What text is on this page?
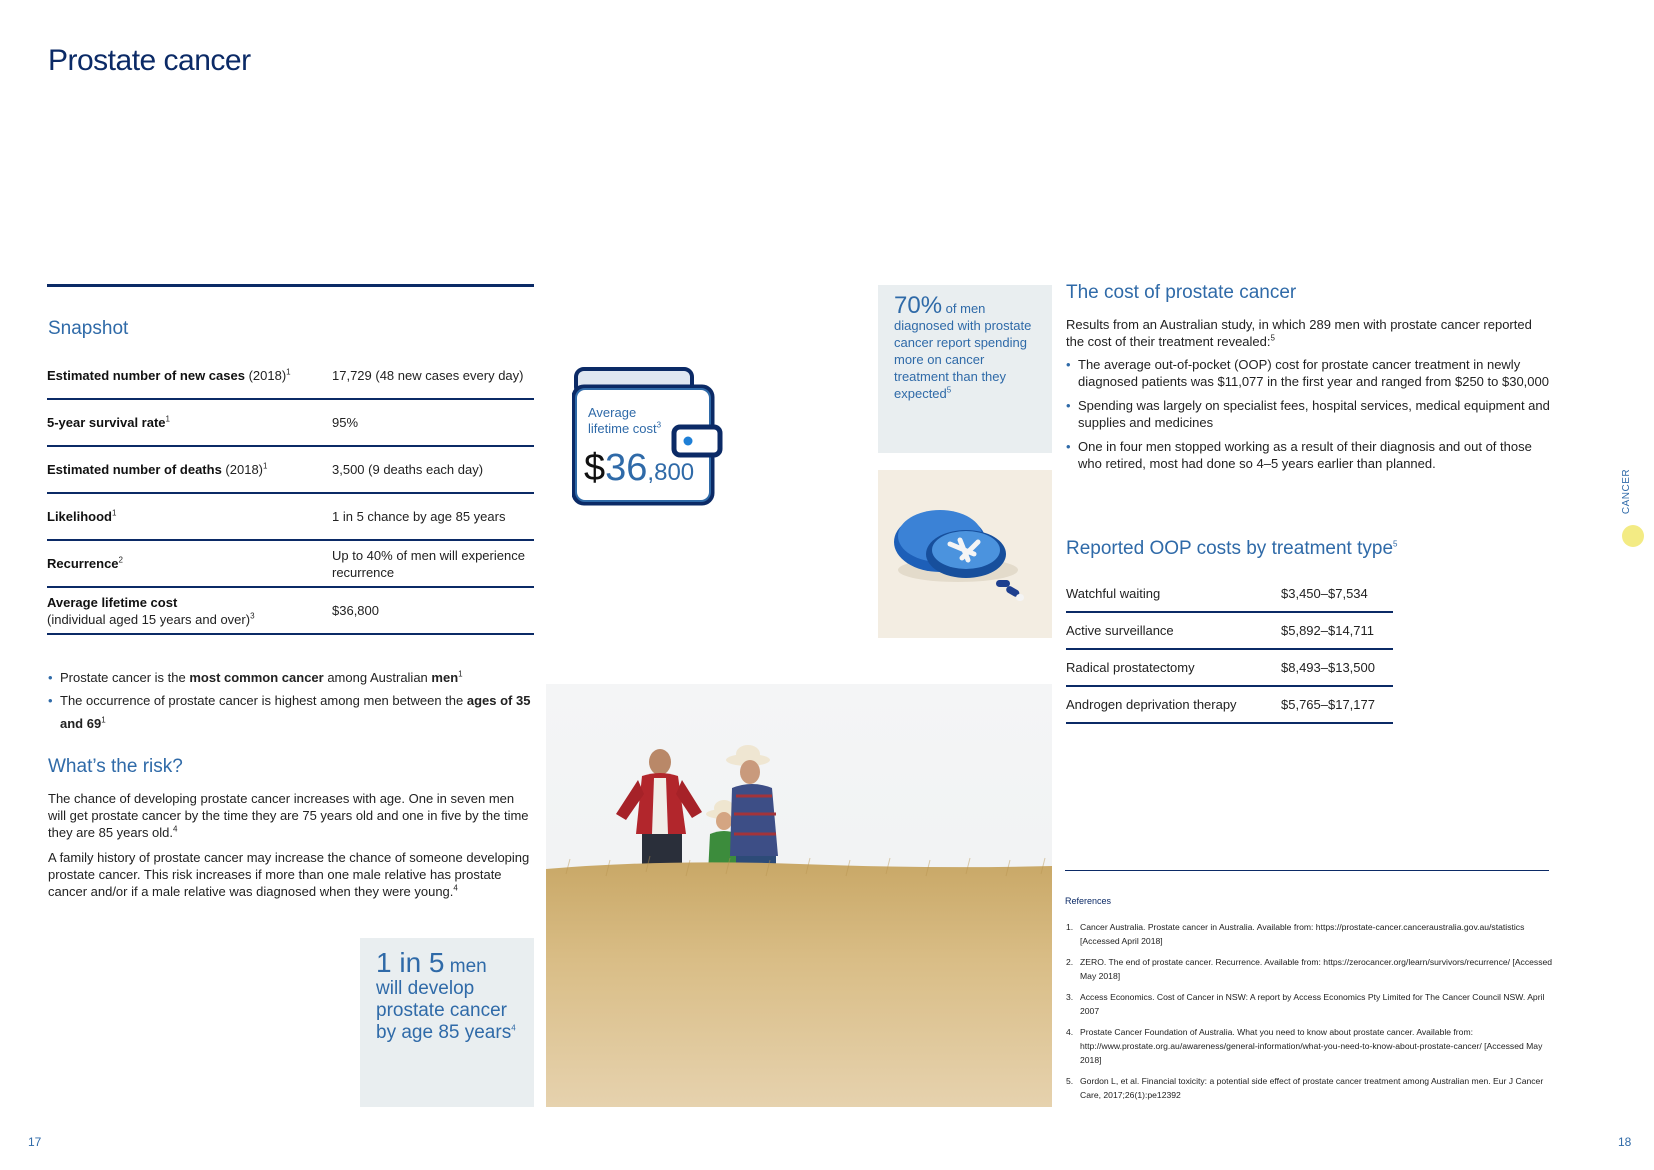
Prostate cancer
Snapshot
Estimated number of new cases $(2018)^1$	17,729 (48 new cases every day)
5-year survival rate$^1$	95%
Estimated number of deaths $(2018)^1$	3,500 (9 deaths each day)
Likelihood$^1$	1 in 5 chance by age 85 years
Recurrence$^2$	Up to 40% of men will experience recurrence
Average lifetime cost
(individual aged 15 years and over)$^3$	$36,800
• Prostate cancer is the most common cancer among Australian men$^1$
• The occurrence of prostate cancer is highest among men between the ages of 35 and $69^1$
What’s the risk?

The chance of developing prostate cancer increases with age. One in seven men will get prostate cancer by the time they are 75 years old and one in five by the time they are 85 years old.$^4$

A family history of prostate cancer may increase the chance of someone developing prostate cancer. This risk increases if more than one male relative has prostate cancer and/or if a male relative was diagnosed when they were young.$^4$

1 in 5 men will develop prostate cancer by age 85 years$^4$
Average
lifetime cost$^3$
$36,800
70% of men diagnosed with prostate cancer report spending more on cancer treatment than they expected$^5$
The cost of prostate cancer

Results from an Australian study, in which 289 men with prostate cancer reported the cost of their treatment revealed:$^5$

• The average out-of-pocket (OOP) cost for prostate cancer treatment in newly diagnosed patients was $11,077 in the first year and ranged from $250 to $30,000
• Spending was largely on specialist fees, hospital services, medical equipment and supplies and medicines
• One in four men stopped working as a result of their diagnosis and out of those who retired, most had done so 4–5 years earlier than planned.
Reported OOP costs by treatment type$^5$
Watchful waiting	$3,450–$7,534
Active surveillance	$5,892–$14,711
Radical prostatectomy	$8,493–$13,500
Androgen deprivation therapy	$5,765–$17,177
References
1. Cancer Australia. Prostate cancer in Australia. Available from: https://prostate-cancer.canceraustralia.gov.au/statistics [Accessed April 2018]
2. ZERO. The end of prostate cancer. Recurrence. Available from: https://zerocancer.org/learn/survivors/recurrence/ [Accessed May 2018]
3. Access Economics. Cost of Cancer in NSW: A report by Access Economics Pty Limited for The Cancer Council NSW. April 2007
4. Prostate Cancer Foundation of Australia. What you need to know about prostate cancer. Available from: http://www.prostate.org.au/awareness/general-information/what-you-need-to-know-about-prostate-cancer/ [Accessed May 2018]
5. Gordon L, et al. Financial toxicity: a potential side effect of prostate cancer treatment among Australian men. Eur J Cancer Care, 2017;26(1):pe12392
CANCER
17	18
